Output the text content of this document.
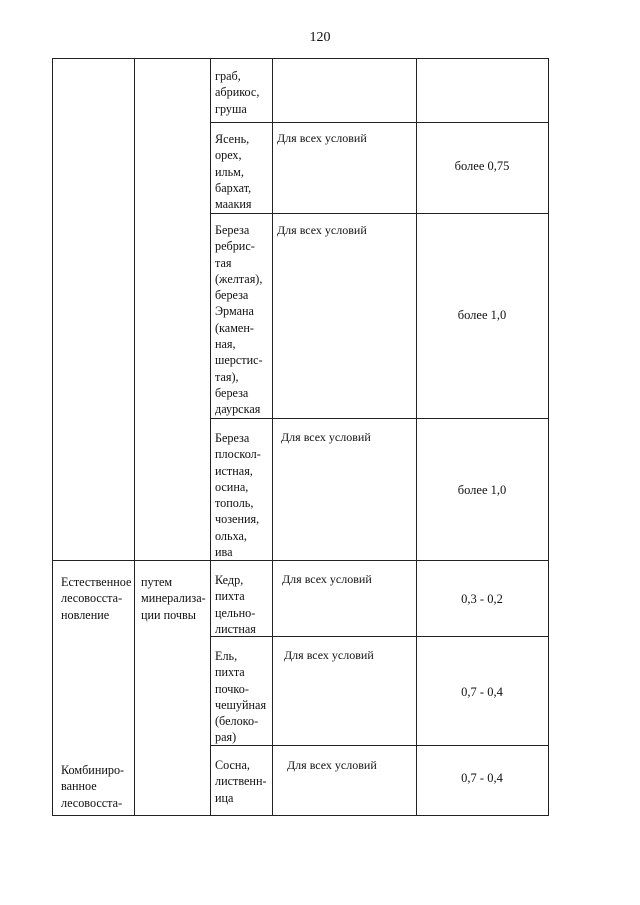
120
Естественное
лесовосста-
новление
Комбиниро-
ванное
лесовосста-
путем
минерализа-
ции почвы
граб,
абрикос,
груша
Ясень,
орех,
ильм,
бархат,
маакия
Для всех условий
более 0,75
Береза
ребрис-
тая
(желтая),
береза
Эрмана
(камен-
ная,
шерстис-
тая),
береза
даурская
Для всех условий
более 1,0
Береза
плоскол-
истная,
осина,
тополь,
чозения,
ольха,
ива
Для всех условий
более 1,0
Кедр,
пихта
цельно-
листная
Для всех условий
0,3 - 0,2
Ель,
пихта
почко-
чешуйная
(белоко-
рая)
Для всех условий
0,7 - 0,4
Сосна,
лиственн-
ица
Для всех условий
0,7 - 0,4
